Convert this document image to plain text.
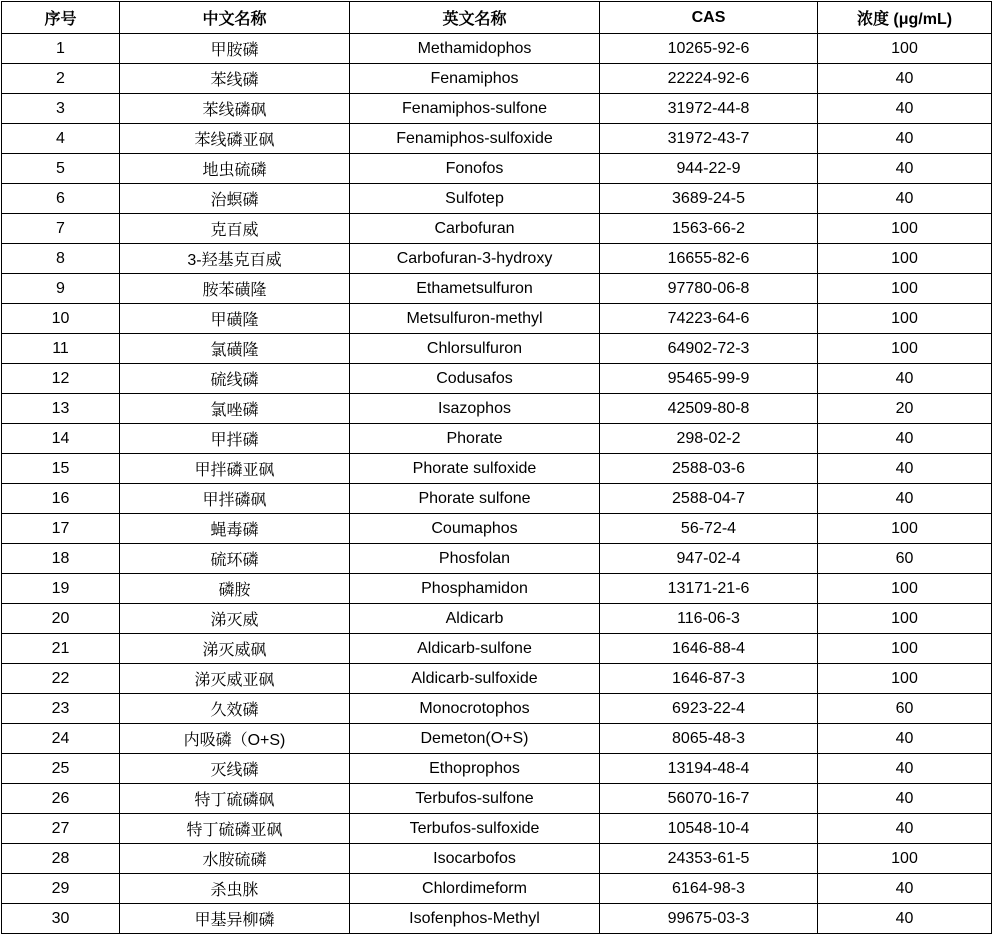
序号	中文名称	英文名称	CAS	浓度 (μg/mL)
1	甲胺磷	Methamidophos	10265-92-6	100
2	苯线磷	Fenamiphos	22224-92-6	40
3	苯线磷砜	Fenamiphos-sulfone	31972-44-8	40
4	苯线磷亚砜	Fenamiphos-sulfoxide	31972-43-7	40
5	地虫硫磷	Fonofos	944-22-9	40
6	治螟磷	Sulfotep	3689-24-5	40
7	克百威	Carbofuran	1563-66-2	100
8	3-羟基克百威	Carbofuran-3-hydroxy	16655-82-6	100
9	胺苯磺隆	Ethametsulfuron	97780-06-8	100
10	甲磺隆	Metsulfuron-methyl	74223-64-6	100
11	氯磺隆	Chlorsulfuron	64902-72-3	100
12	硫线磷	Codusafos	95465-99-9	40
13	氯唑磷	Isazophos	42509-80-8	20
14	甲拌磷	Phorate	298-02-2	40
15	甲拌磷亚砜	Phorate sulfoxide	2588-03-6	40
16	甲拌磷砜	Phorate sulfone	2588-04-7	40
17	蝇毒磷	Coumaphos	56-72-4	100
18	硫环磷	Phosfolan	947-02-4	60
19	磷胺	Phosphamidon	13171-21-6	100
20	涕灭威	Aldicarb	116-06-3	100
21	涕灭威砜	Aldicarb-sulfone	1646-88-4	100
22	涕灭威亚砜	Aldicarb-sulfoxide	1646-87-3	100
23	久效磷	Monocrotophos	6923-22-4	60
24	内吸磷（O+S)	Demeton(O+S)	8065-48-3	40
25	灭线磷	Ethoprophos	13194-48-4	40
26	特丁硫磷砜	Terbufos-sulfone	56070-16-7	40
27	特丁硫磷亚砜	Terbufos-sulfoxide	10548-10-4	40
28	水胺硫磷	Isocarbofos	24353-61-5	100
29	杀虫脒	Chlordimeform	6164-98-3	40
30	甲基异柳磷	Isofenphos-Methyl	99675-03-3	40
